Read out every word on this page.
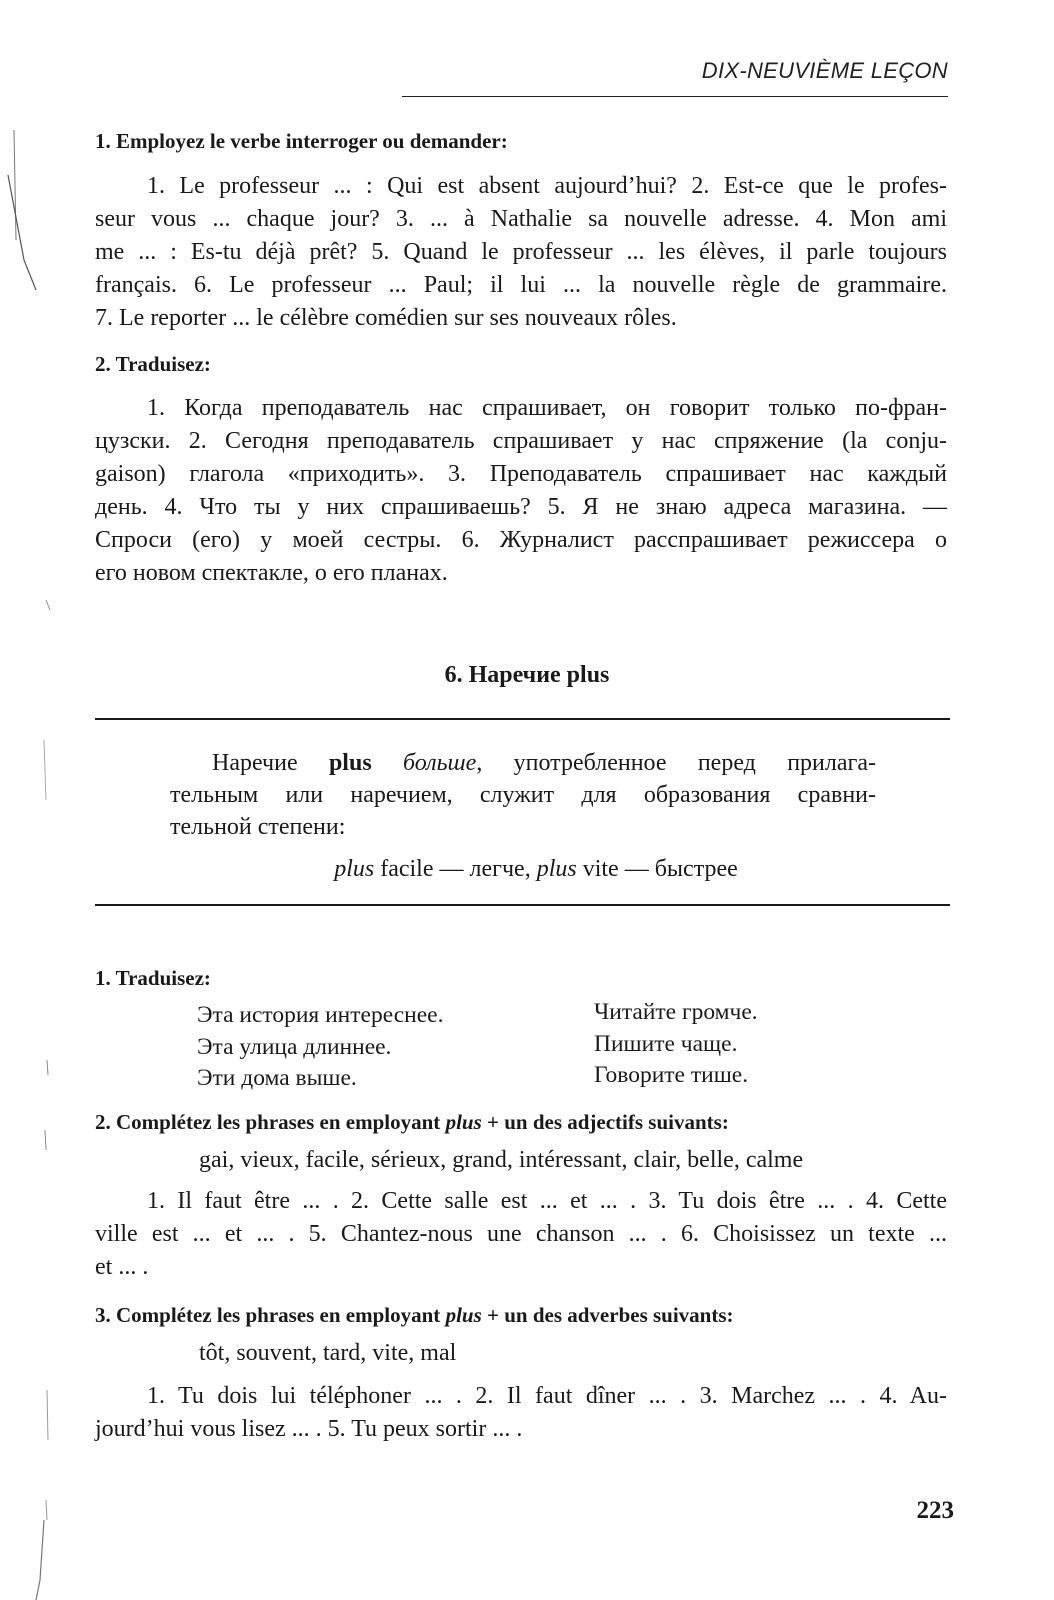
DIX-NEUVIÈME LEÇON
1. Employez le verbe interroger ou demander:
1. Le professeur ... : Qui est absent aujourd’hui? 2. Est-ce que le profes-
seur vous ... chaque jour? 3. ... à Nathalie sa nouvelle adresse. 4. Mon ami
me ... : Es-tu déjà prêt? 5. Quand le professeur ... les élèves, il parle toujours
français. 6. Le professeur ... Paul; il lui ... la nouvelle règle de grammaire.
7. Le reporter ... le célèbre comédien sur ses nouveaux rôles.
2. Traduisez:
1. Когда преподаватель нас спрашивает, он говорит только по-фран-
цузски. 2. Сегодня преподаватель спрашивает у нас спряжение (la conju-
gaison) глагола «приходить». 3. Преподаватель спрашивает нас каждый
день. 4. Что ты у них спрашиваешь? 5. Я не знаю адреса магазина. —
Спроси (его) у моей сестры. 6. Журналист расспрашивает режиссера о
его новом спектакле, о его планах.
6. Наречие plus
Наречие plus больше, употребленное перед прилага-
тельным или наречием, служит для образования сравни-
тельной степени:
plus facile — легче, plus vite — быстрее
1. Traduisez:
Эта история интереснее.
Эта улица длиннее.
Эти дома выше.
Читайте громче.
Пишите чаще.
Говорите тише.
2. Complétez les phrases en employant plus + un des adjectifs suivants:
gai, vieux, facile, sérieux, grand, intéressant, clair, belle, calme
1. Il faut être ... . 2. Cette salle est ... et ... . 3. Tu dois être ... . 4. Cette
ville est ... et ... . 5. Chantez-nous une chanson ... . 6. Choisissez un texte ...
et ... .
3. Complétez les phrases en employant plus + un des adverbes suivants:
tôt, souvent, tard, vite, mal
1. Tu dois lui téléphoner ... . 2. Il faut dîner ... . 3. Marchez ... . 4. Au-
jourd’hui vous lisez ... . 5. Tu peux sortir ... .
223
